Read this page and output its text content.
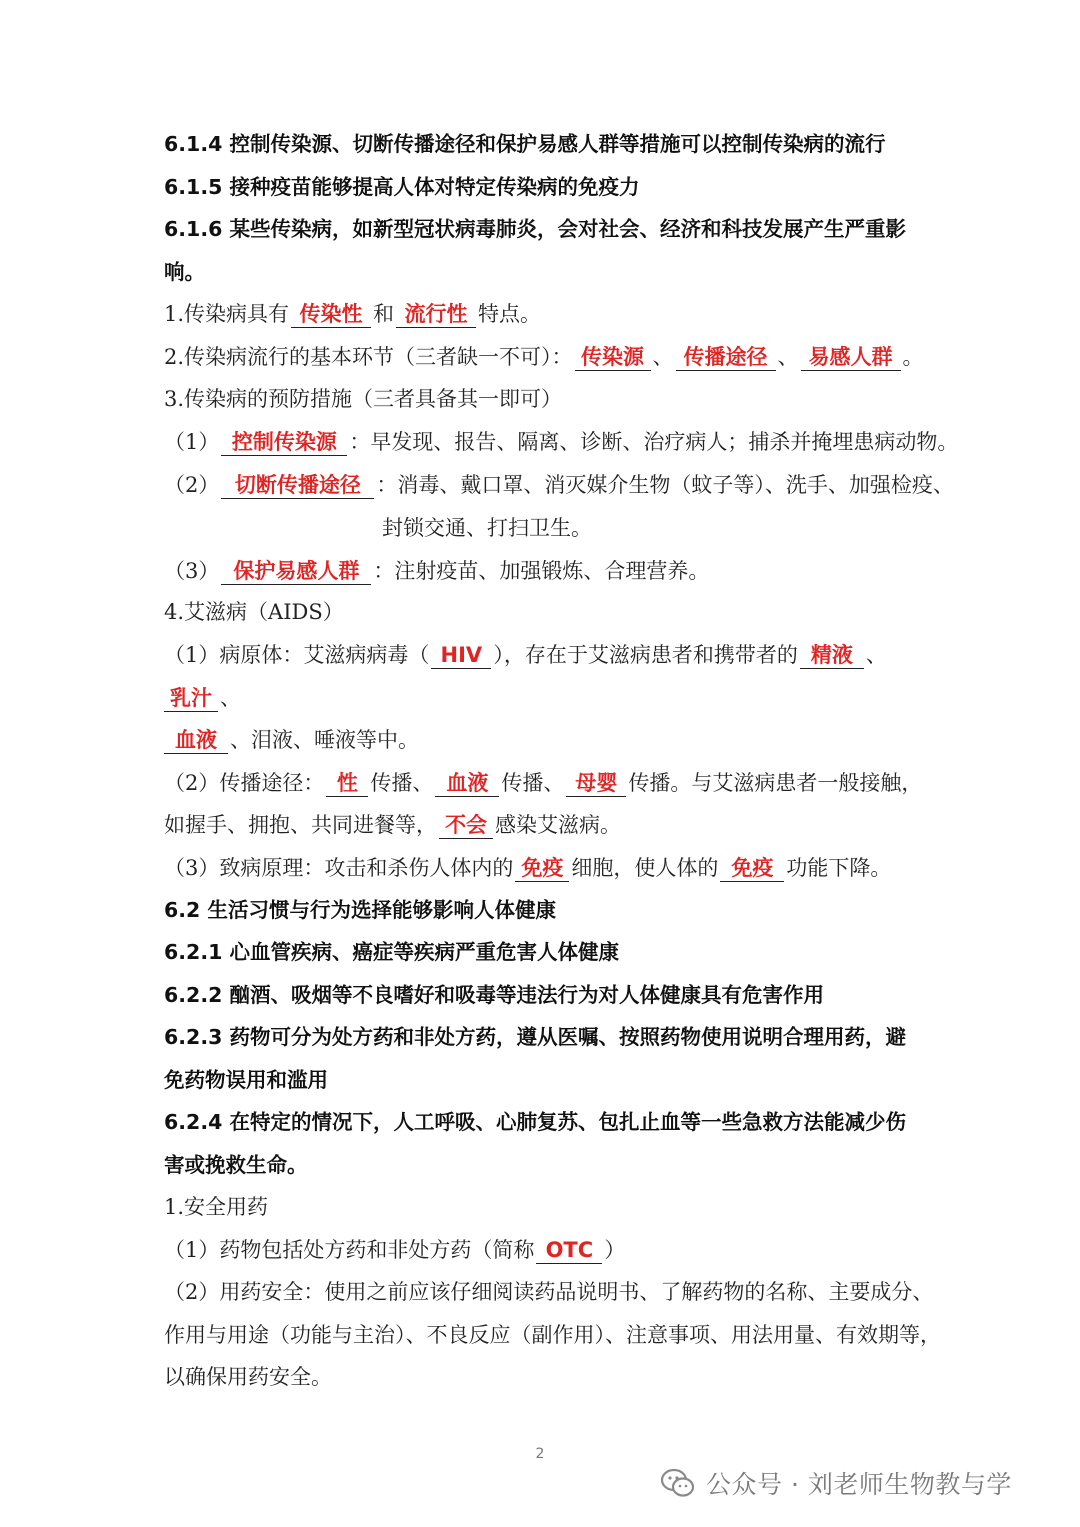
6.1.4 控制传染源、切断传播途径和保护易感人群等措施可以控制传染病的流行
6.1.5 接种疫苗能够提高人体对特定传染病的免疫力
6.1.6 某些传染病，如新型冠状病毒肺炎，会对社会、经济和科技发展产生严重影
响。
1.传染病具有 传染性 和 流行性 特点。
2.传染病流行的基本环节（三者缺一不可）： 传染源 、 传播途径 、 易感人群 。
3.传染病的预防措施（三者具备其一即可）
（1） 控制传染源 ：早发现、报告、隔离、诊断、治疗病人；捕杀并掩埋患病动物。
（2） 切断传播途径 ：消毒、戴口罩、消灭媒介生物（蚊子等）、洗手、加强检疫、
封锁交通、打扫卫生。
（3） 保护易感人群 ：注射疫苗、加强锻炼、合理营养。
4.艾滋病（AIDS）
（1）病原体：艾滋病病毒（ HIV ），存在于艾滋病患者和携带者的 精液 、
乳汁 、
血液 、泪液、唾液等中。
（2）传播途径： 性 传播、 血液 传播、 母婴 传播。与艾滋病患者一般接触，
如握手、拥抱、共同进餐等， 不会 感染艾滋病。
（3）致病原理：攻击和杀伤人体内的 免疫 细胞，使人体的 免疫 功能下降。
6.2 生活习惯与行为选择能够影响人体健康
6.2.1 心血管疾病、癌症等疾病严重危害人体健康
6.2.2 酗酒、吸烟等不良嗜好和吸毒等违法行为对人体健康具有危害作用
6.2.3 药物可分为处方药和非处方药，遵从医嘱、按照药物使用说明合理用药，避
免药物误用和滥用
6.2.4 在特定的情况下，人工呼吸、心肺复苏、包扎止血等一些急救方法能减少伤
害或挽救生命。
1.安全用药
（1）药物包括处方药和非处方药（简称 OTC ）
（2）用药安全：使用之前应该仔细阅读药品说明书、了解药物的名称、主要成分、
作用与用途（功能与主治）、不良反应（副作用）、注意事项、用法用量、有效期等，
以确保用药安全。
2
公众号 · 刘老师生物教与学
